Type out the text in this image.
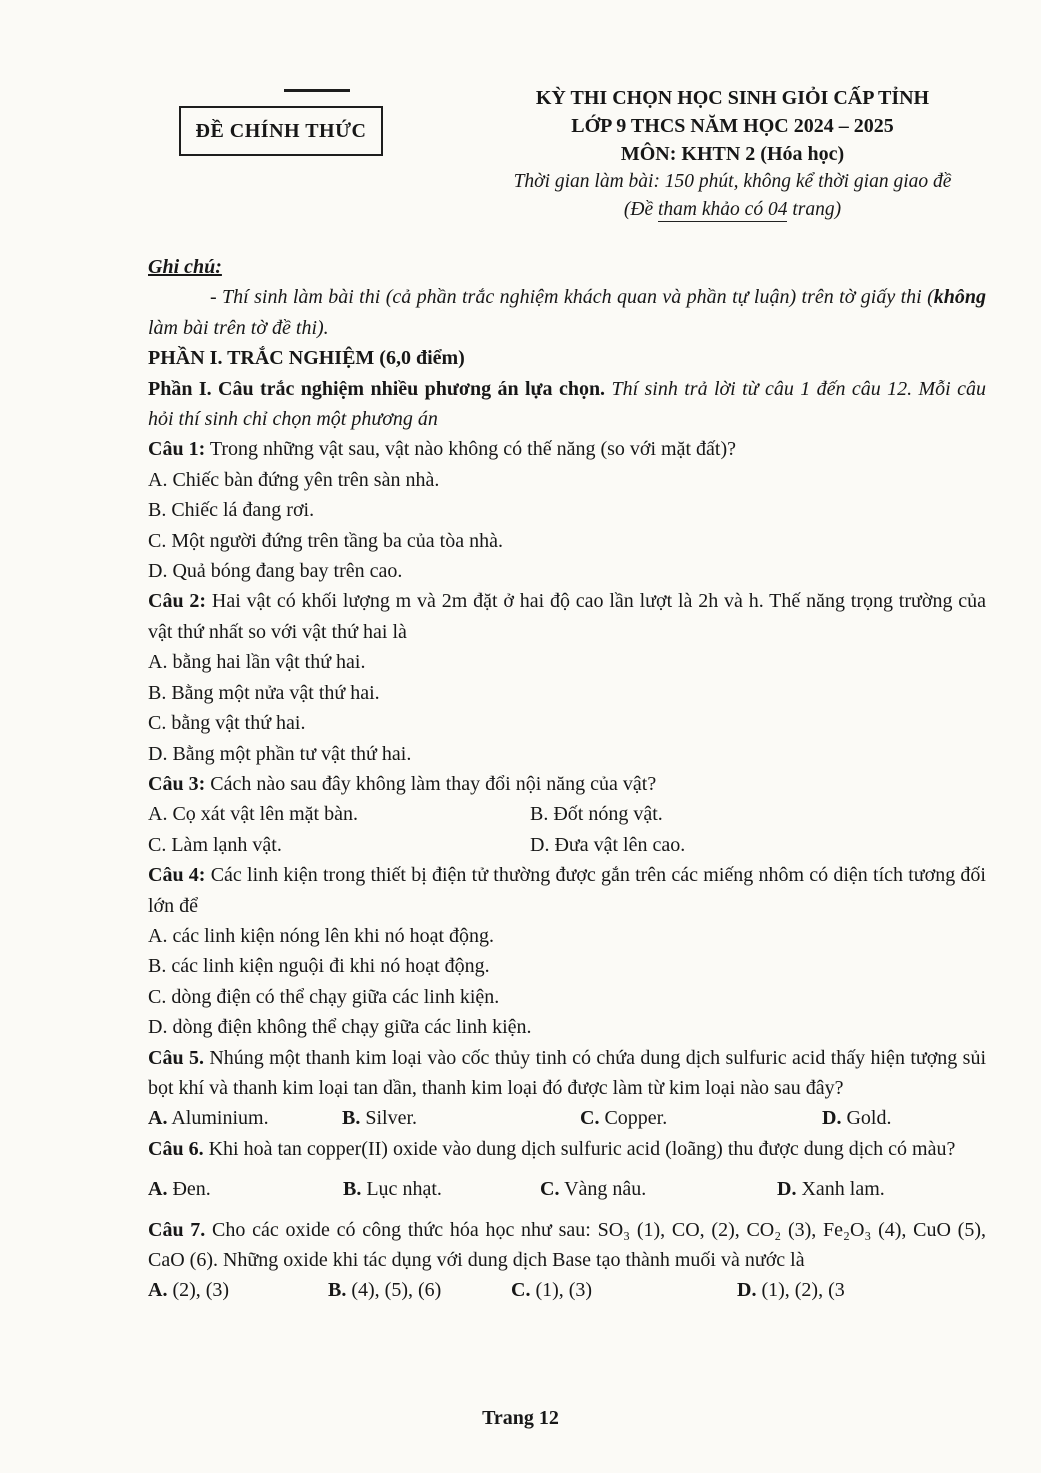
ĐỀ CHÍNH THỨC
KỲ THI CHỌN HỌC SINH GIỎI CẤP TỈNH
LỚP 9 THCS NĂM HỌC 2024 – 2025
MÔN: KHTN 2 (Hóa học)
Thời gian làm bài: 150 phút, không kể thời gian giao đề
(Đề tham khảo có 04 trang)
Ghi chú:

- Thí sinh làm bài thi (cả phần trắc nghiệm khách quan và phần tự luận) trên tờ giấy thi (không làm bài trên tờ đề thi).

PHẦN I. TRẮC NGHIỆM (6,0 điểm)

Phần I. Câu trắc nghiệm nhiều phương án lựa chọn. Thí sinh trả lời từ câu 1 đến câu 12. Mỗi câu hỏi thí sinh chỉ chọn một phương án

Câu 1: Trong những vật sau, vật nào không có thế năng (so với mặt đất)?

A. Chiếc bàn đứng yên trên sàn nhà.
B. Chiếc lá đang rơi.
C. Một người đứng trên tầng ba của tòa nhà.
D. Quả bóng đang bay trên cao.

Câu 2: Hai vật có khối lượng m và 2m đặt ở hai độ cao lần lượt là 2h và h. Thế năng trọng trường của vật thứ nhất so với vật thứ hai là

A. bằng hai lần vật thứ hai.
B. Bằng một nửa vật thứ hai.
C. bằng vật thứ hai.
D. Bằng một phần tư vật thứ hai.

Câu 3: Cách nào sau đây không làm thay đổi nội năng của vật?

A. Cọ xát vật lên mặt bàn.	B. Đốt nóng vật.
C. Làm lạnh vật.	D. Đưa vật lên cao.

Câu 4: Các linh kiện trong thiết bị điện tử thường được gắn trên các miếng nhôm có diện tích tương đối lớn để

A. các linh kiện nóng lên khi nó hoạt động.
B. các linh kiện nguội đi khi nó hoạt động.
C. dòng điện có thể chạy giữa các linh kiện.
D. dòng điện không thể chạy giữa các linh kiện.

Câu 5. Nhúng một thanh kim loại vào cốc thủy tinh có chứa dung dịch sulfuric acid thấy hiện tượng sủi bọt khí và thanh kim loại tan dần, thanh kim loại đó được làm từ kim loại nào sau đây?

A. Aluminium.	B. Silver.	C. Copper.	D. Gold.

Câu 6. Khi hoà tan copper(II) oxide vào dung dịch sulfuric acid (loãng) thu được dung dịch có màu?

A. Đen.	B. Lục nhạt.	C. Vàng nâu.	D. Xanh lam.

Câu 7. Cho các oxide có công thức hóa học như sau: SO₃ (1), CO, (2), CO₂ (3), Fe₂O₃ (4), CuO (5), CaO (6). Những oxide khi tác dụng với dung dịch Base tạo thành muối và nước là

A. (2), (3)	B. (4), (5), (6)	C. (1), (3)	D. (1), (2), (3
Trang 12
